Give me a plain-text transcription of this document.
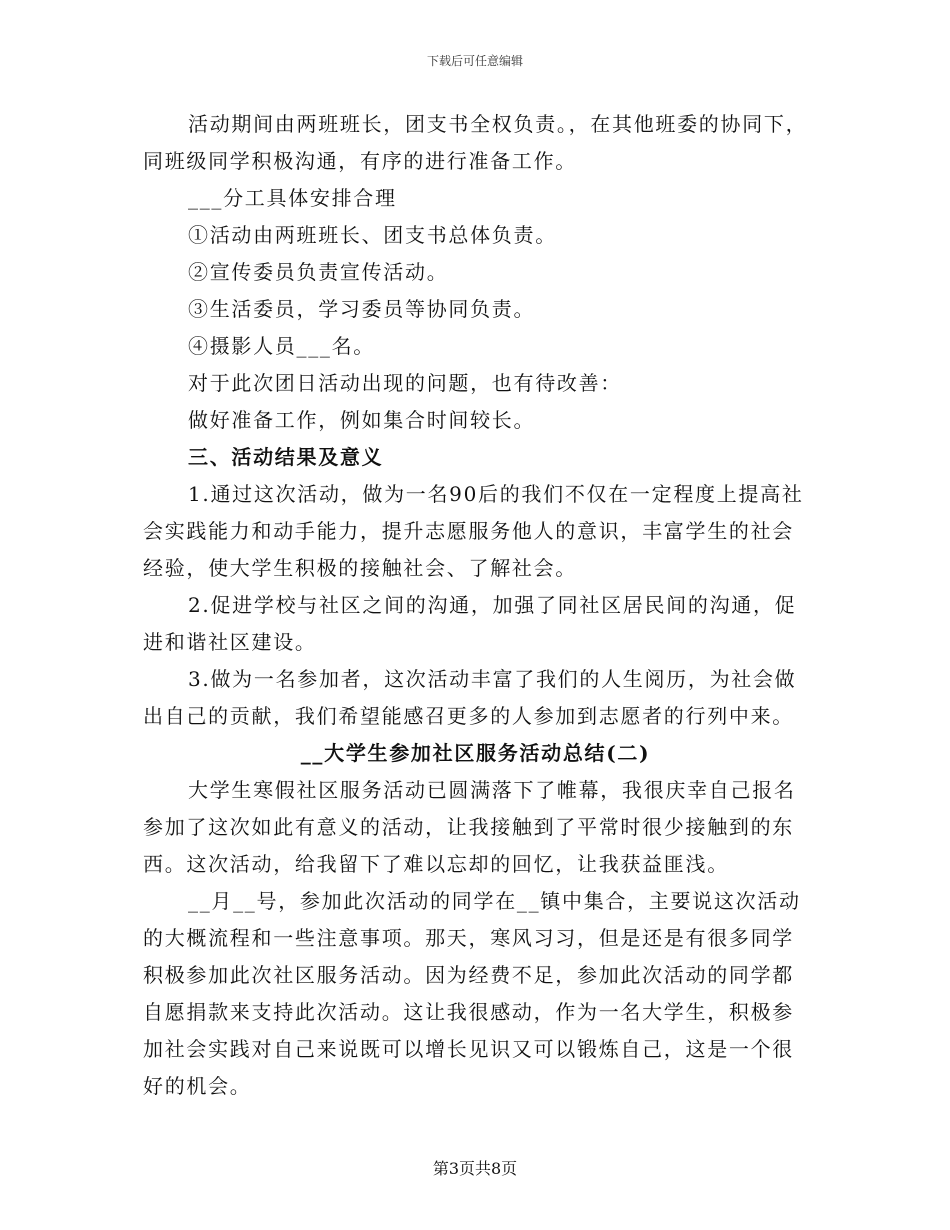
下载后可任意编辑
活动期间由两班班长，团支书全权负责。，在其他班委的协同下，
同班级同学积极沟通，有序的进行准备工作。
___分工具体安排合理
①活动由两班班长、团支书总体负责。
②宣传委员负责宣传活动。
③生活委员，学习委员等协同负责。
④摄影人员___名。
对于此次团日活动出现的问题，也有待改善：
做好准备工作，例如集合时间较长。
三、活动结果及意义
1.通过这次活动，做为一名90后的我们不仅在一定程度上提高社
会实践能力和动手能力，提升志愿服务他人的意识，丰富学生的社会
经验，使大学生积极的接触社会、了解社会。
2.促进学校与社区之间的沟通，加强了同社区居民间的沟通，促
进和谐社区建设。
3.做为一名参加者，这次活动丰富了我们的人生阅历，为社会做
出自己的贡献，我们希望能感召更多的人参加到志愿者的行列中来。
__大学生参加社区服务活动总结(二)
大学生寒假社区服务活动已圆满落下了帷幕，我很庆幸自己报名
参加了这次如此有意义的活动，让我接触到了平常时很少接触到的东
西。这次活动，给我留下了难以忘却的回忆，让我获益匪浅。
__月__号，参加此次活动的同学在__镇中集合，主要说这次活动
的大概流程和一些注意事项。那天，寒风习习，但是还是有很多同学
积极参加此次社区服务活动。因为经费不足，参加此次活动的同学都
自愿捐款来支持此次活动。这让我很感动，作为一名大学生，积极参
加社会实践对自己来说既可以增长见识又可以锻炼自己，这是一个很
好的机会。
第3页共8页
